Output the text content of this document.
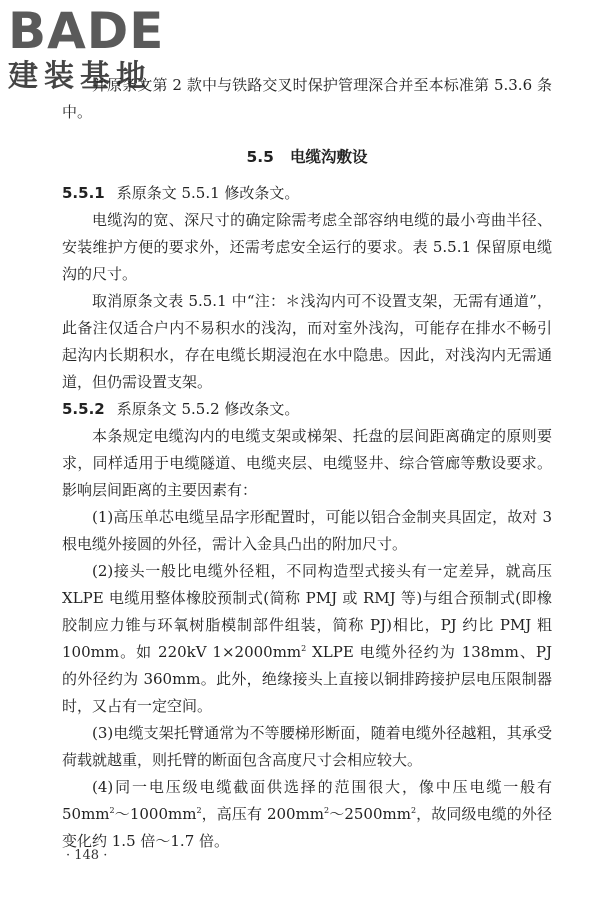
BADE
建装基地

并原条文第 2 款中与铁路交叉时保护管理深合并至本标准第 5.3.6 条中。

5.5 电缆沟敷设

5.5.1 系原条文 5.5.1 修改条文。

电缆沟的宽、深尺寸的确定除需考虑全部容纳电缆的最小弯曲半径、安装维护方便的要求外，还需考虑安全运行的要求。表 5.5.1 保留原电缆沟的尺寸。

取消原条文表 5.5.1 中“注：＊浅沟内可不设置支架，无需有通道”，此备注仅适合户内不易积水的浅沟，而对室外浅沟，可能存在排水不畅引起沟内长期积水，存在电缆长期浸泡在水中隐患。因此，对浅沟内无需通道，但仍需设置支架。

5.5.2 系原条文 5.5.2 修改条文。

本条规定电缆沟内的电缆支架或梯架、托盘的层间距离确定的原则要求，同样适用于电缆隧道、电缆夹层、电缆竖井、综合管廊等敷设要求。影响层间距离的主要因素有：

(1)高压单芯电缆呈品字形配置时，可能以铝合金制夹具固定，故对 3 根电缆外接圆的外径，需计入金具凸出的附加尺寸。

(2)接头一般比电缆外径粗，不同构造型式接头有一定差异，就高压 XLPE 电缆用整体橡胶预制式(简称 PMJ 或 RMJ 等)与组合预制式(即橡胶制应力锥与环氧树脂模制部件组装，简称 PJ)相比，PJ 约比 PMJ 粗 100mm。如 220kV $1\times 2000mm^2$ XLPE 电缆外径约为 138mm、PJ 的外径约为 360mm。此外，绝缘接头上直接以铜排跨接护层电压限制器时，又占有一定空间。

(3)电缆支架托臂通常为不等腰梯形断面，随着电缆外径越粗，其承受荷载就越重，则托臂的断面包含高度尺寸会相应较大。

(4)同一电压级电缆截面供选择的范围很大，像中压电缆一般有 $50mm^2\sim 1000mm^2$，高压有 $200mm^2\sim 2500mm^2$，故同级电缆的外径变化约 1.5 倍～1.7 倍。

· 148 ·
